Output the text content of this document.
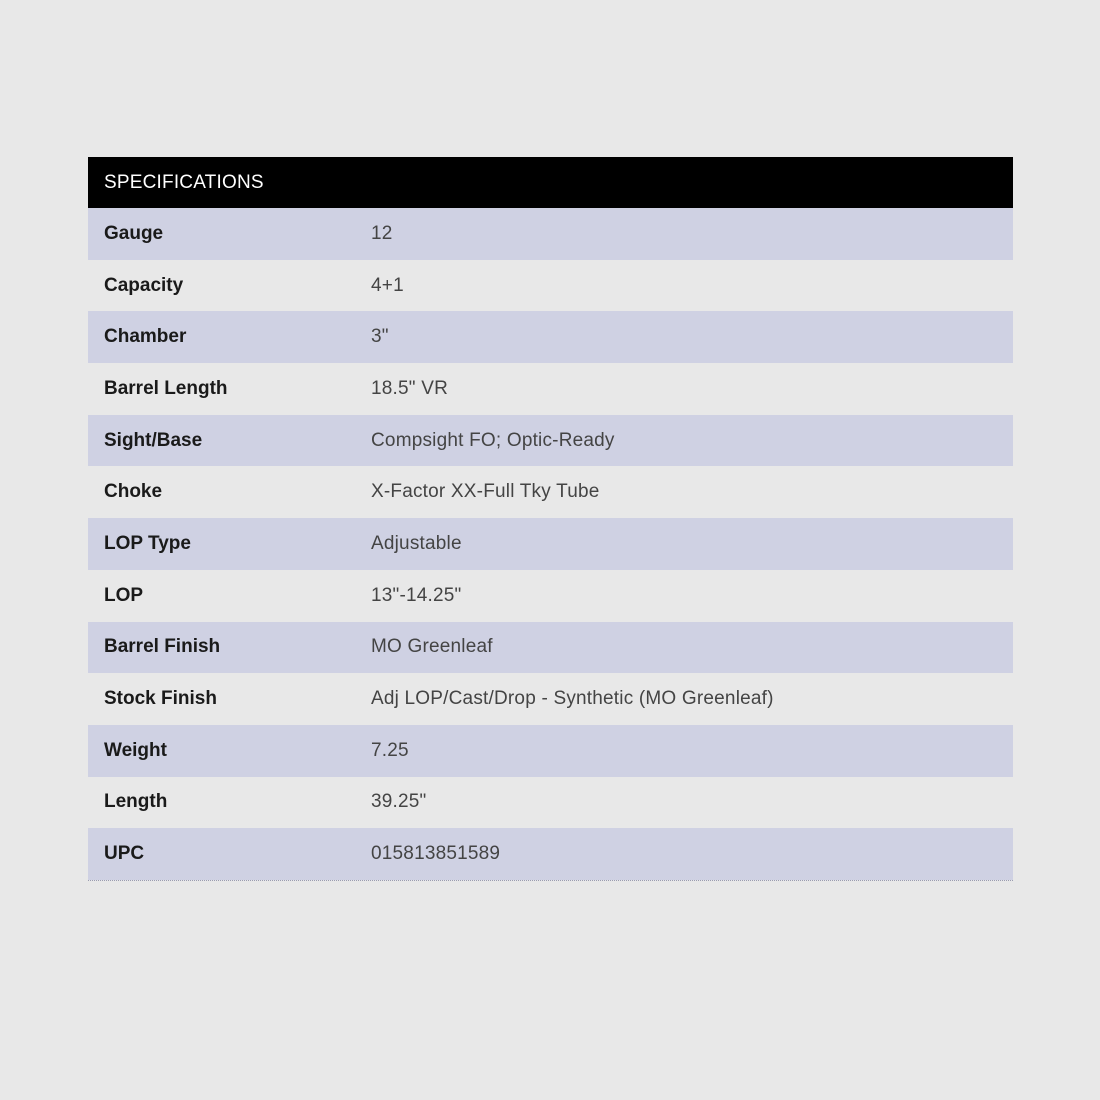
SPECIFICATIONS
Gauge	12
Capacity	4+1
Chamber	3"
Barrel Length	18.5" VR
Sight/Base	Compsight FO; Optic-Ready
Choke	X-Factor XX-Full Tky Tube
LOP Type	Adjustable
LOP	13"-14.25"
Barrel Finish	MO Greenleaf
Stock Finish	Adj LOP/Cast/Drop - Synthetic (MO Greenleaf)
Weight	7.25
Length	39.25"
UPC	015813851589
